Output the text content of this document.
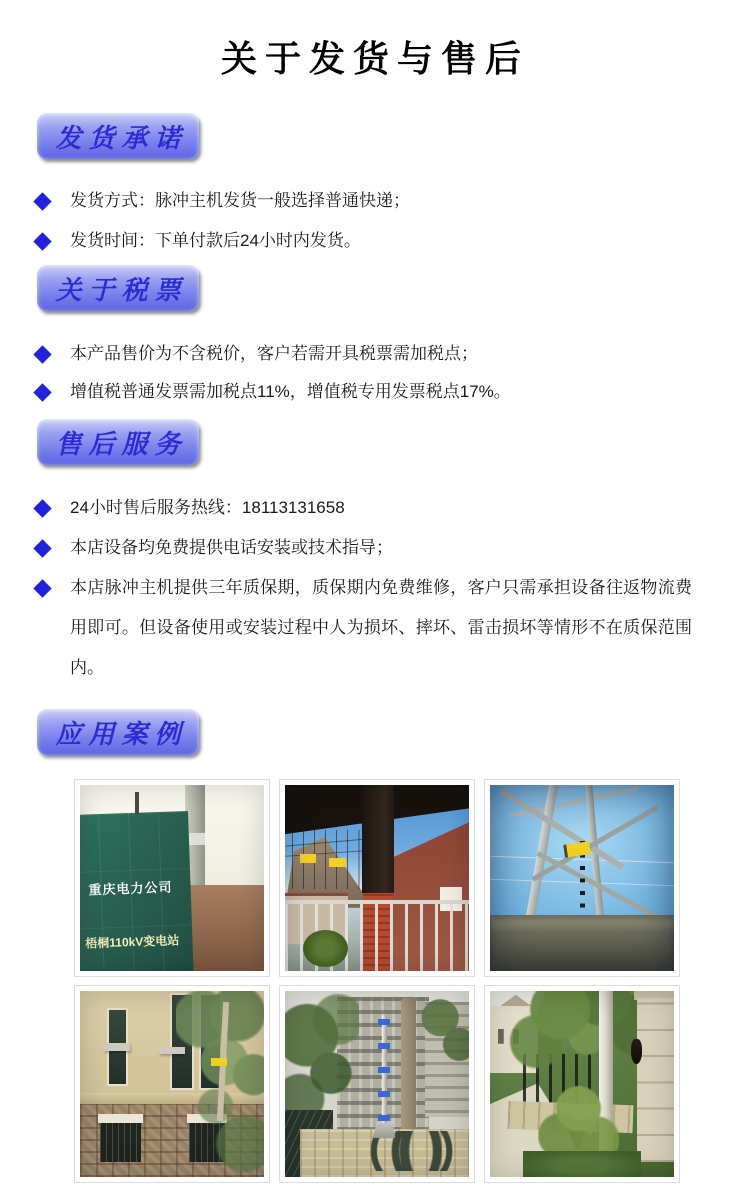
关于发货与售后
发货承诺
发货方式：脉冲主机发货一般选择普通快递；
发货时间：下单付款后24小时内发货。
关于税票
本产品售价为不含税价，客户若需开具税票需加税点；
增值税普通发票需加税点11%，增值税专用发票税点17%。
售后服务
24小时售后服务热线：18113131658
本店设备均免费提供电话安装或技术指导；
本店脉冲主机提供三年质保期，质保期内免费维修，客户只需承担设备往返物流费用即可。但设备使用或安装过程中人为损坏、摔坏、雷击损坏等情形不在质保范围内。
应用案例
重庆电力公司
梧桐110kV变电站
